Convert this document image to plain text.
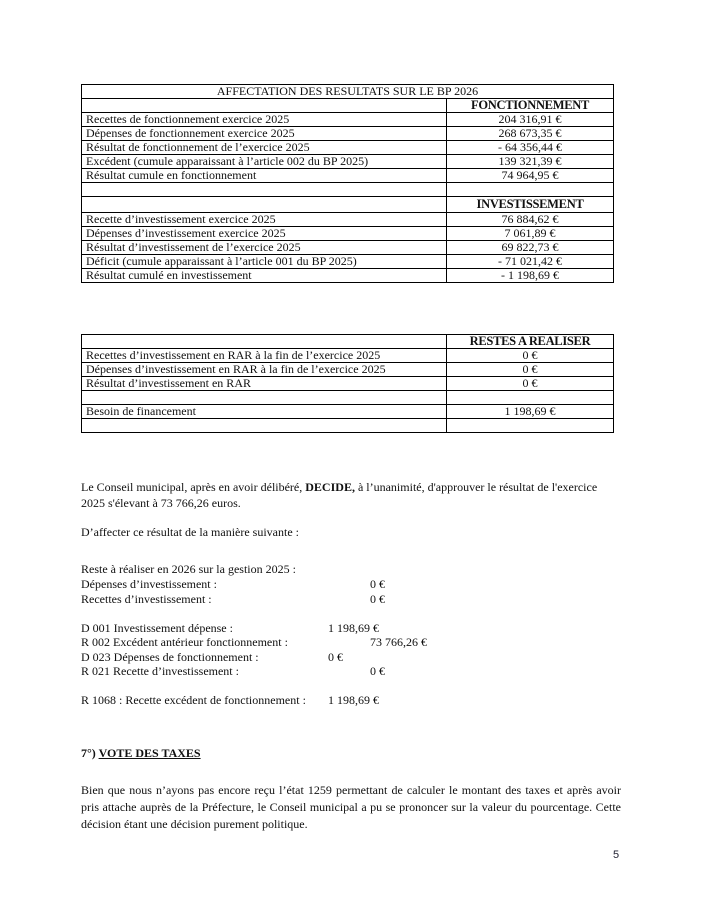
AFFECTATION DES RESULTATS SUR LE BP 2026	
	FONCTIONNEMENT
Recettes de fonctionnement exercice 2025	204 316,91 €
Dépenses de fonctionnement exercice 2025	268 673,35 €
Résultat de fonctionnement de l’exercice 2025	- 64 356,44 €
Excédent (cumule apparaissant à l’article 002 du BP 2025)	139 321,39 €
Résultat cumule en fonctionnement	74 964,95 €

	INVESTISSEMENT
Recette d’investissement exercice 2025	76 884,62 €
Dépenses d’investissement exercice 2025	7 061,89 €
Résultat d’investissement de l’exercice 2025	69 822,73 €
Déficit (cumule apparaissant à l’article 001 du BP 2025)	- 71 021,42 €
Résultat cumulé en investissement	- 1 198,69 €
	RESTES A REALISER
Recettes d’investissement en RAR à la fin de l’exercice 2025	0 €
Dépenses d’investissement en RAR à la fin de l’exercice 2025	0 €
Résultat d’investissement en RAR	0 €

Besoin de financement	1 198,69 €

Le Conseil municipal, après en avoir délibéré, DECIDE, à l’unanimité, d'approuver le résultat de l'exercice 2025 s'élevant à 73 766,26 euros.
D’affecter ce résultat de la manière suivante :
Reste à réaliser en 2026 sur la gestion 2025 :
Dépenses d’investissement :	0 €
Recettes d’investissement :	0 €
D 001 Investissement dépense :	1 198,69 €
R 002 Excédent antérieur fonctionnement :	73 766,26 €
D 023 Dépenses de fonctionnement :	0 €
R 021 Recette d’investissement :	0 €
R 1068 : Recette excédent de fonctionnement : 1 198,69 €
7°) VOTE DES TAXES
Bien que nous n’ayons pas encore reçu l’état 1259 permettant de calculer le montant des taxes et après avoir pris attache auprès de la Préfecture, le Conseil municipal a pu se prononcer sur la valeur du pourcentage. Cette décision étant une décision purement politique.
5
